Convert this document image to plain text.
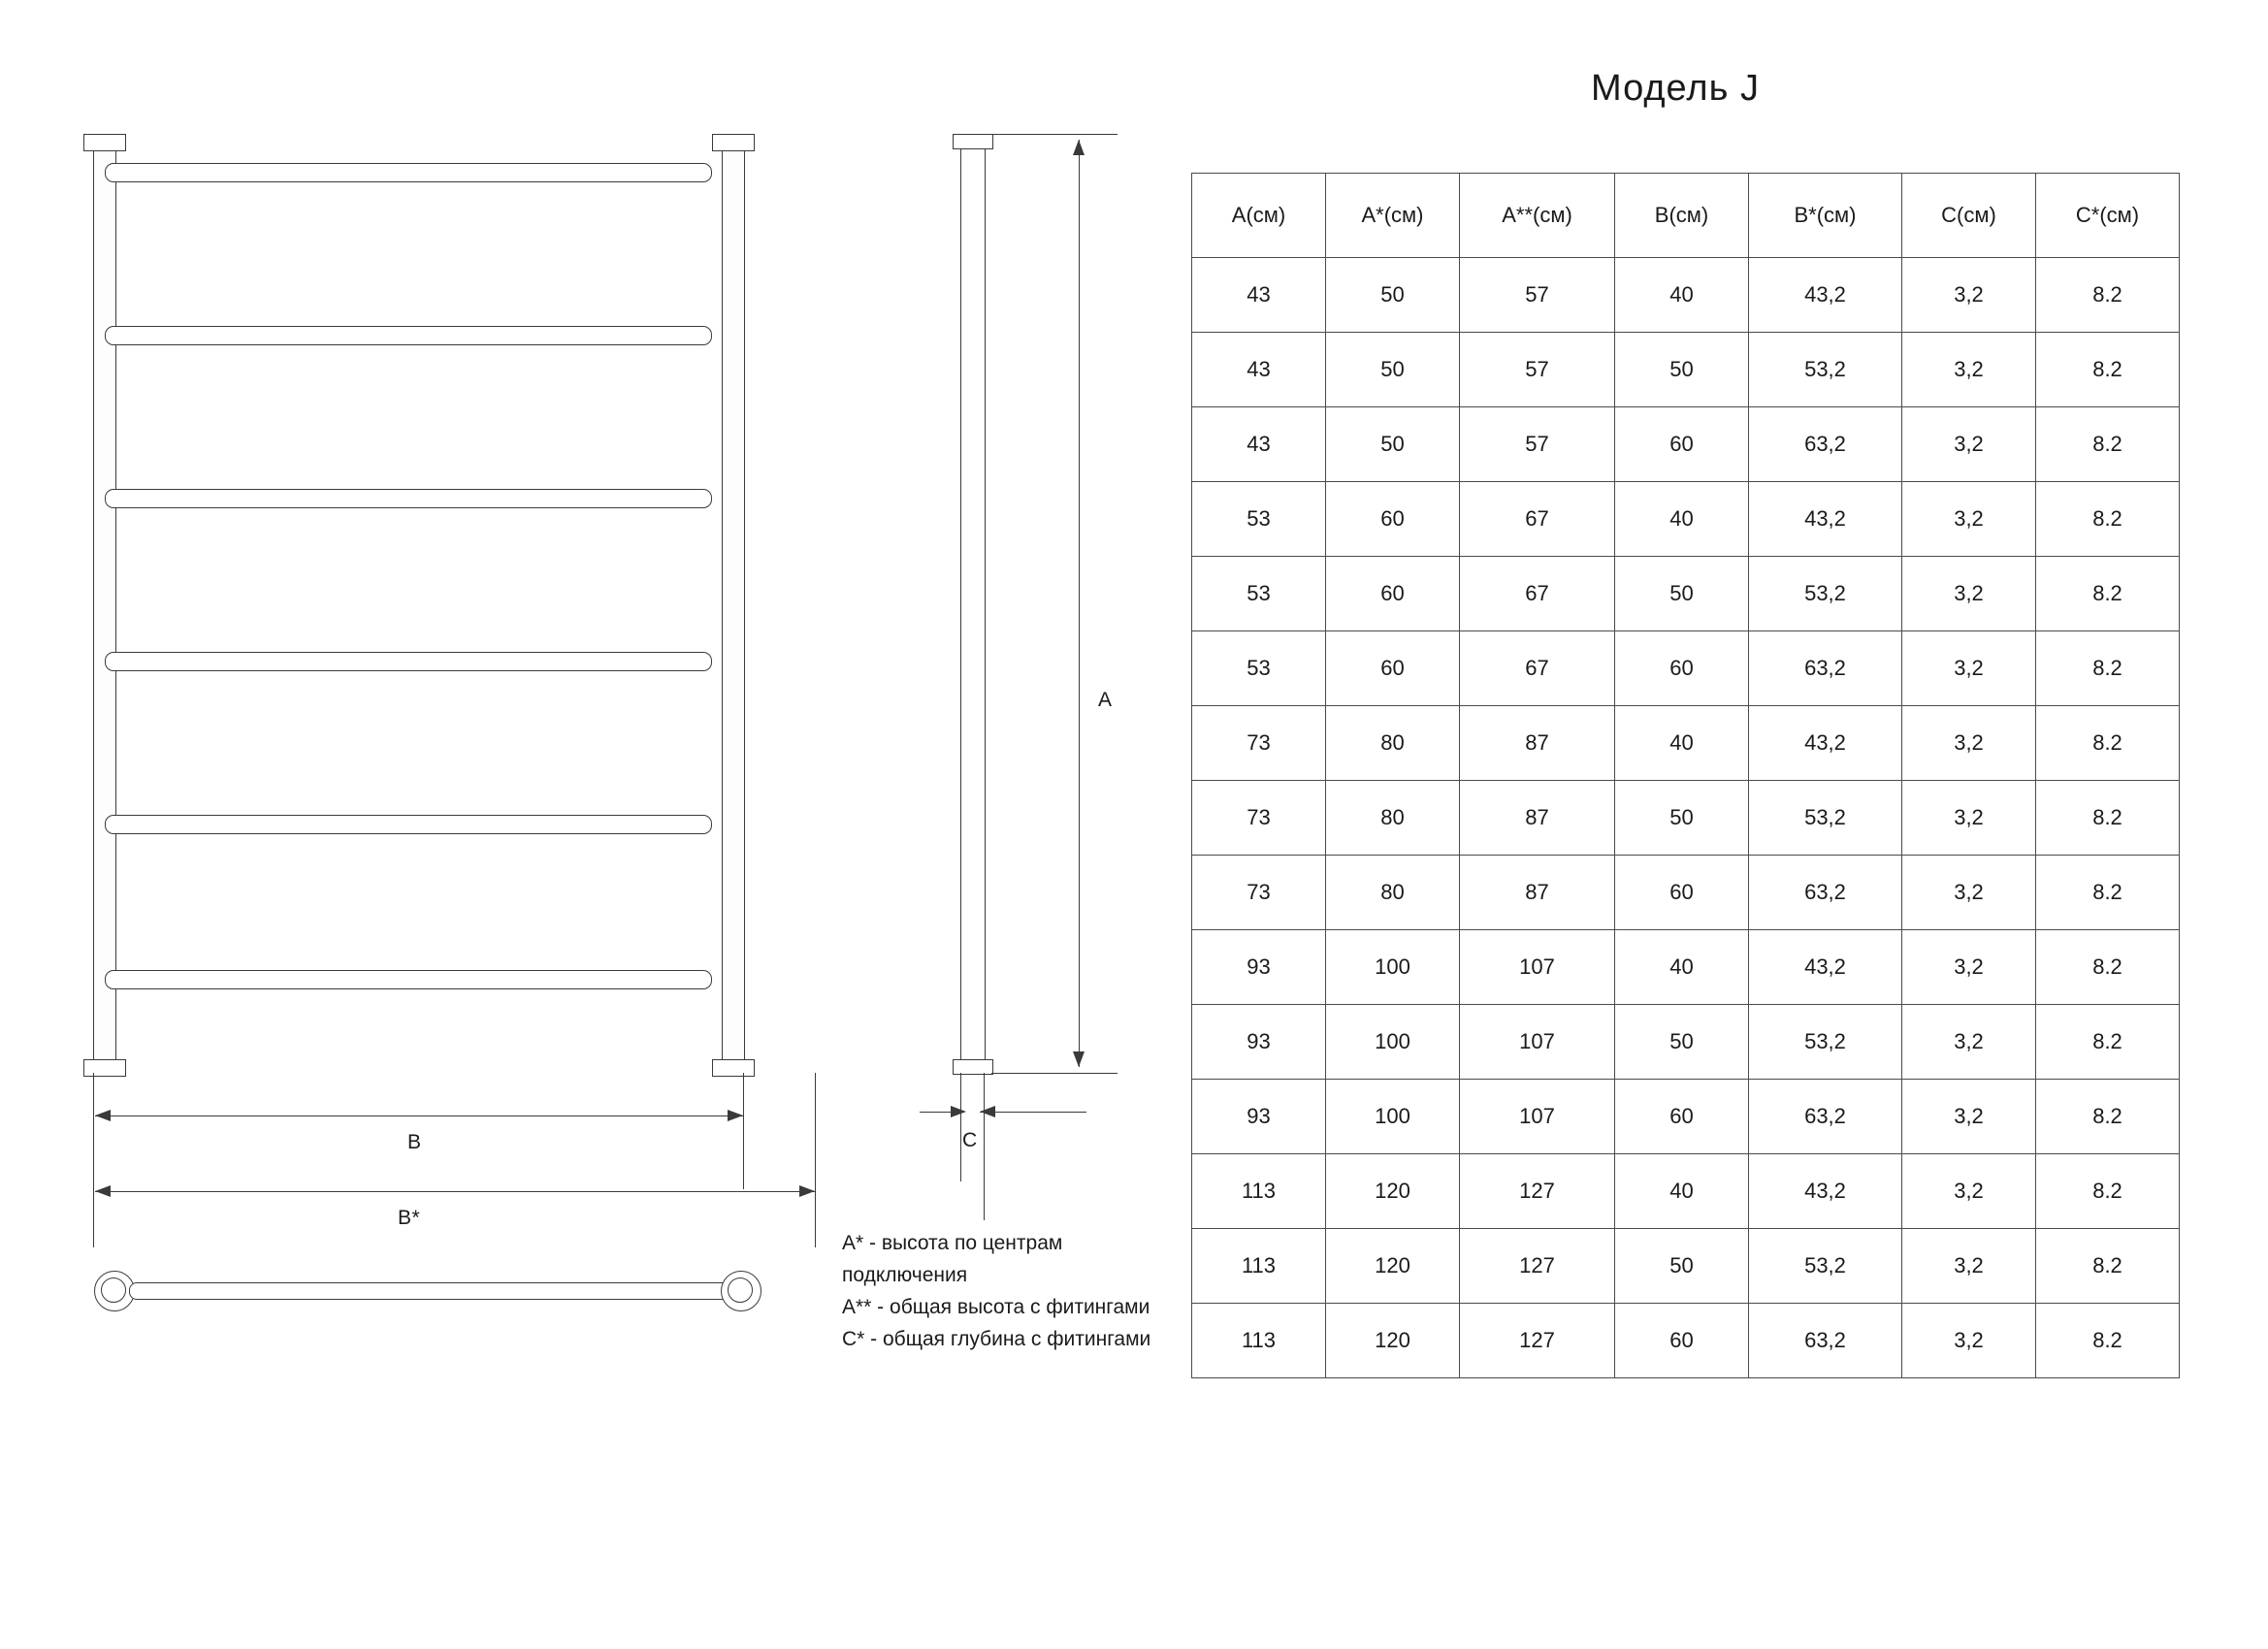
B
B*
A
C
A* - высота по центрам подключения
A** - общая высота с фитингами
C* - общая глубина с фитингами
Модель J
A(см)	A*(см)	A**(см)	B(см)	B*(см)	C(см)	C*(см)
43	50	57	40	43,2	3,2	8.2
43	50	57	50	53,2	3,2	8.2
43	50	57	60	63,2	3,2	8.2
53	60	67	40	43,2	3,2	8.2
53	60	67	50	53,2	3,2	8.2
53	60	67	60	63,2	3,2	8.2
73	80	87	40	43,2	3,2	8.2
73	80	87	50	53,2	3,2	8.2
73	80	87	60	63,2	3,2	8.2
93	100	107	40	43,2	3,2	8.2
93	100	107	50	53,2	3,2	8.2
93	100	107	60	63,2	3,2	8.2
113	120	127	40	43,2	3,2	8.2
113	120	127	50	53,2	3,2	8.2
113	120	127	60	63,2	3,2	8.2
